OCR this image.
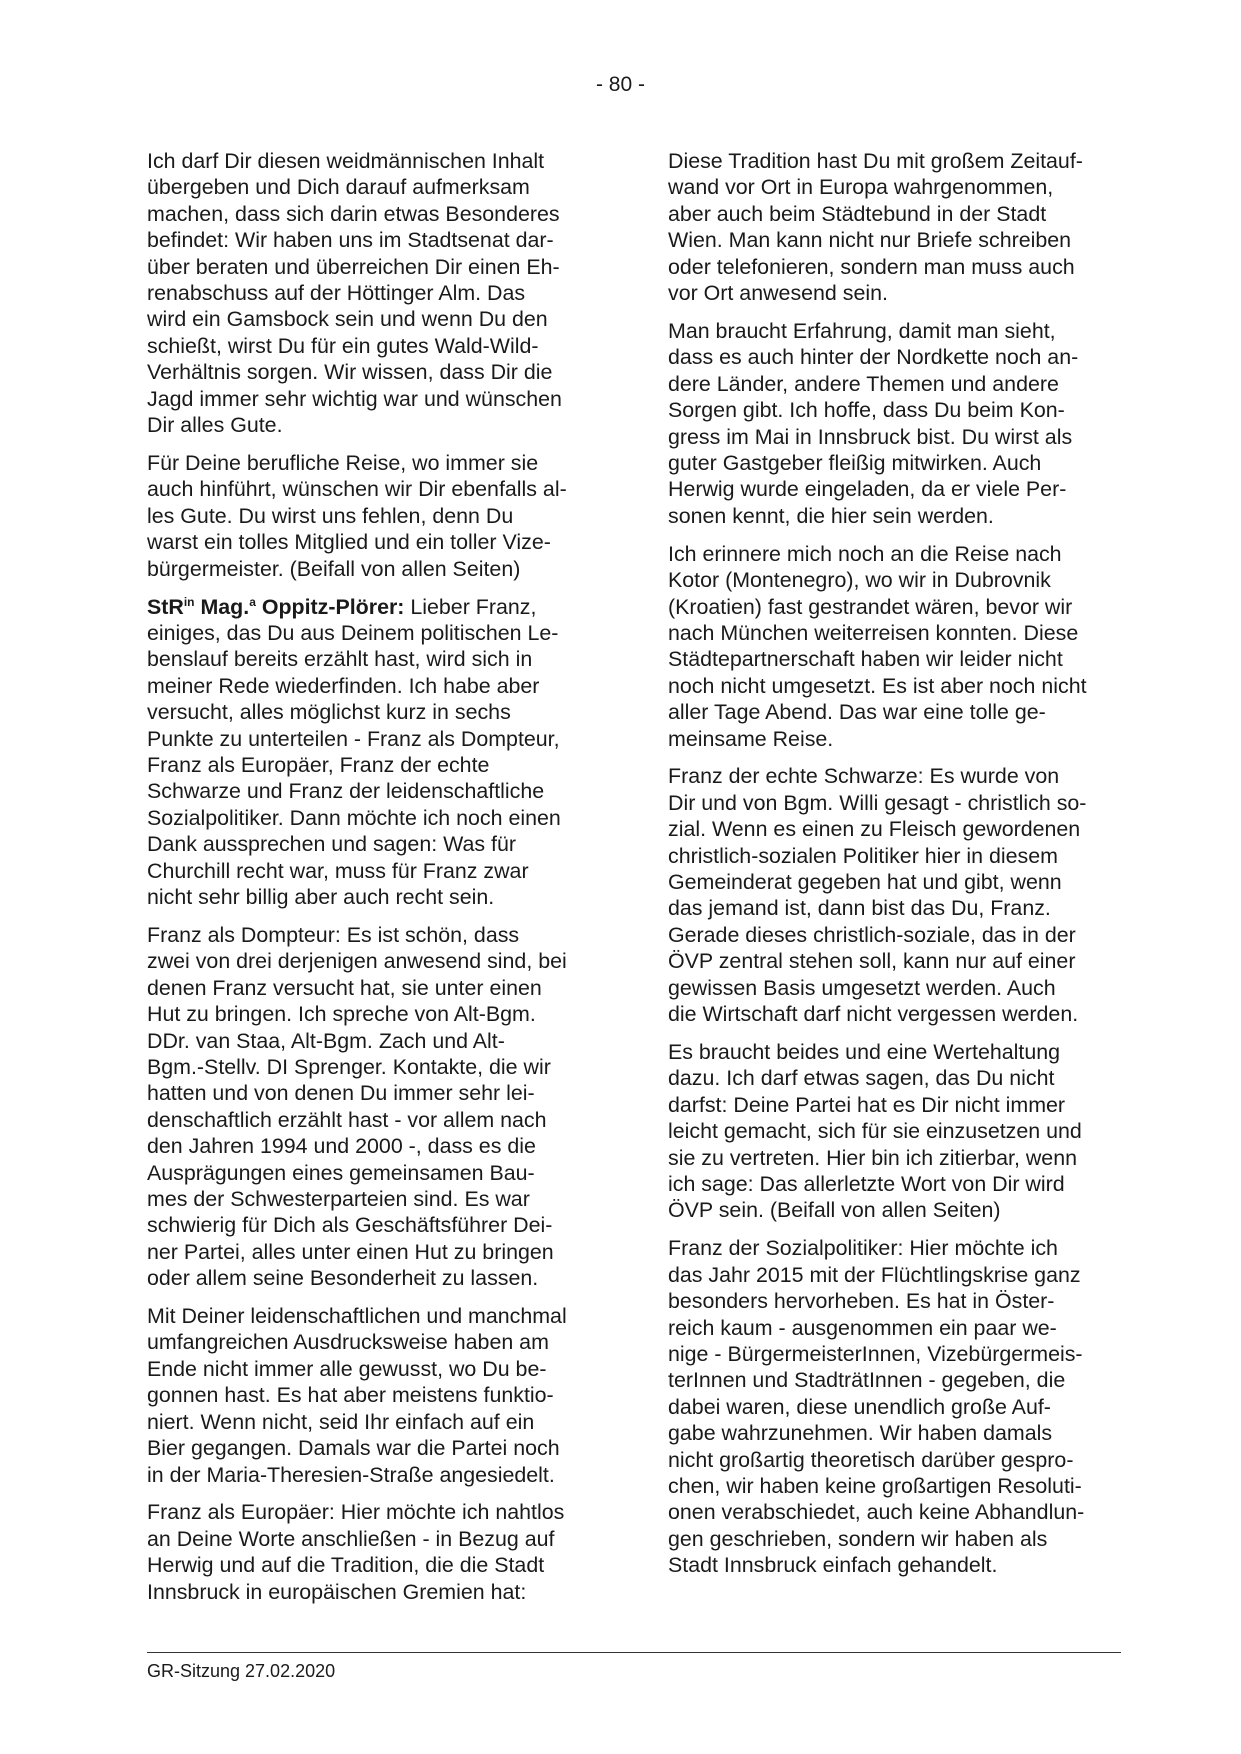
- 80 -

Ich darf Dir diesen weidmännischen Inhalt
übergeben und Dich darauf aufmerksam
machen, dass sich darin etwas Besonderes
befindet: Wir haben uns im Stadtsenat dar-
über beraten und überreichen Dir einen Eh-
renabschuss auf der Höttinger Alm. Das
wird ein Gamsbock sein und wenn Du den
schießt, wirst Du für ein gutes Wald-Wild-
Verhältnis sorgen. Wir wissen, dass Dir die
Jagd immer sehr wichtig war und wünschen
Dir alles Gute.

Für Deine berufliche Reise, wo immer sie
auch hinführt, wünschen wir Dir ebenfalls al-
les Gute. Du wirst uns fehlen, denn Du
warst ein tolles Mitglied und ein toller Vize-
bürgermeister. (Beifall von allen Seiten)

StR$^{in}$ Mag.$^a$ Oppitz-Plörer: Lieber Franz,
einiges, das Du aus Deinem politischen Le-
benslauf bereits erzählt hast, wird sich in
meiner Rede wiederfinden. Ich habe aber
versucht, alles möglichst kurz in sechs
Punkte zu unterteilen - Franz als Dompteur,
Franz als Europäer, Franz der echte
Schwarze und Franz der leidenschaftliche
Sozialpolitiker. Dann möchte ich noch einen
Dank aussprechen und sagen: Was für
Churchill recht war, muss für Franz zwar
nicht sehr billig aber auch recht sein.

Franz als Dompteur: Es ist schön, dass
zwei von drei derjenigen anwesend sind, bei
denen Franz versucht hat, sie unter einen
Hut zu bringen. Ich spreche von Alt-Bgm.
DDr. van Staa, Alt-Bgm. Zach und Alt-
Bgm.-Stellv. DI Sprenger. Kontakte, die wir
hatten und von denen Du immer sehr lei-
denschaftlich erzählt hast - vor allem nach
den Jahren 1994 und 2000 -, dass es die
Ausprägungen eines gemeinsamen Bau-
mes der Schwesterparteien sind. Es war
schwierig für Dich als Geschäftsführer Dei-
ner Partei, alles unter einen Hut zu bringen
oder allem seine Besonderheit zu lassen.

Mit Deiner leidenschaftlichen und manchmal
umfangreichen Ausdrucksweise haben am
Ende nicht immer alle gewusst, wo Du be-
gonnen hast. Es hat aber meistens funktio-
niert. Wenn nicht, seid Ihr einfach auf ein
Bier gegangen. Damals war die Partei noch
in der Maria-Theresien-Straße angesiedelt.

Franz als Europäer: Hier möchte ich nahtlos
an Deine Worte anschließen - in Bezug auf
Herwig und auf die Tradition, die die Stadt
Innsbruck in europäischen Gremien hat:

Diese Tradition hast Du mit großem Zeitauf-
wand vor Ort in Europa wahrgenommen,
aber auch beim Städtebund in der Stadt
Wien. Man kann nicht nur Briefe schreiben
oder telefonieren, sondern man muss auch
vor Ort anwesend sein.

Man braucht Erfahrung, damit man sieht,
dass es auch hinter der Nordkette noch an-
dere Länder, andere Themen und andere
Sorgen gibt. Ich hoffe, dass Du beim Kon-
gress im Mai in Innsbruck bist. Du wirst als
guter Gastgeber fleißig mitwirken. Auch
Herwig wurde eingeladen, da er viele Per-
sonen kennt, die hier sein werden.

Ich erinnere mich noch an die Reise nach
Kotor (Montenegro), wo wir in Dubrovnik
(Kroatien) fast gestrandet wären, bevor wir
nach München weiterreisen konnten. Diese
Städtepartnerschaft haben wir leider nicht
noch nicht umgesetzt. Es ist aber noch nicht
aller Tage Abend. Das war eine tolle ge-
meinsame Reise.

Franz der echte Schwarze: Es wurde von
Dir und von Bgm. Willi gesagt - christlich so-
zial. Wenn es einen zu Fleisch gewordenen
christlich-sozialen Politiker hier in diesem
Gemeinderat gegeben hat und gibt, wenn
das jemand ist, dann bist das Du, Franz.
Gerade dieses christlich-soziale, das in der
ÖVP zentral stehen soll, kann nur auf einer
gewissen Basis umgesetzt werden. Auch
die Wirtschaft darf nicht vergessen werden.

Es braucht beides und eine Wertehaltung
dazu. Ich darf etwas sagen, das Du nicht
darfst: Deine Partei hat es Dir nicht immer
leicht gemacht, sich für sie einzusetzen und
sie zu vertreten. Hier bin ich zitierbar, wenn
ich sage: Das allerletzte Wort von Dir wird
ÖVP sein. (Beifall von allen Seiten)

Franz der Sozialpolitiker: Hier möchte ich
das Jahr 2015 mit der Flüchtlingskrise ganz
besonders hervorheben. Es hat in Öster-
reich kaum - ausgenommen ein paar we-
nige - BürgermeisterInnen, Vizebürgermeis-
terInnen und StadträtInnen - gegeben, die
dabei waren, diese unendlich große Auf-
gabe wahrzunehmen. Wir haben damals
nicht großartig theoretisch darüber gespro-
chen, wir haben keine großartigen Resoluti-
onen verabschiedet, auch keine Abhandlun-
gen geschrieben, sondern wir haben als
Stadt Innsbruck einfach gehandelt.

GR-Sitzung 27.02.2020
